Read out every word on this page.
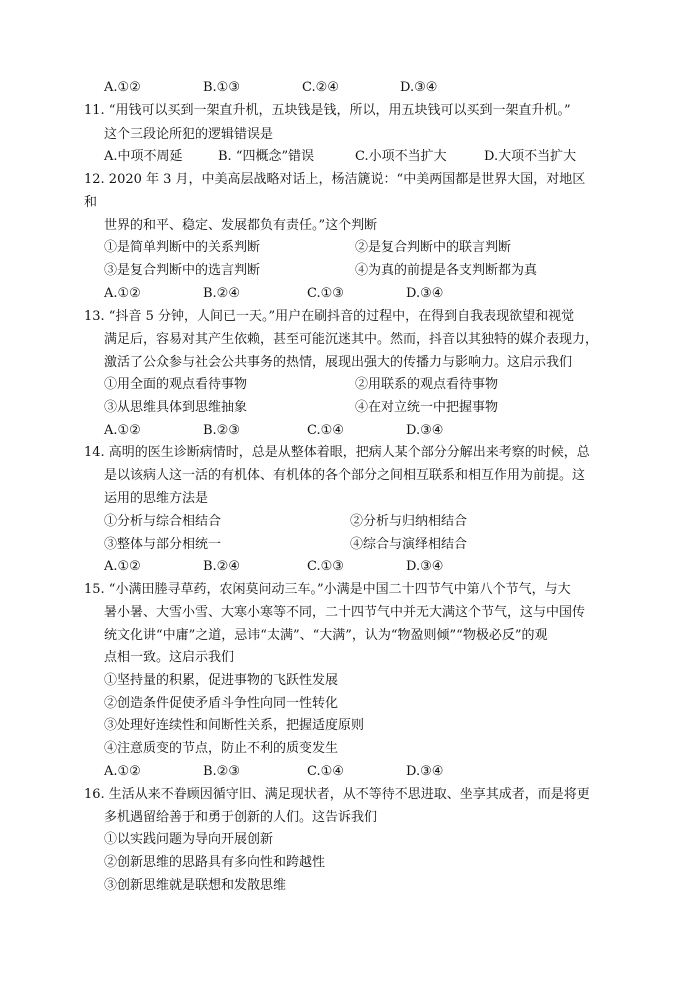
A.①②	B.①③	C.②④	D.③④
11. “用钱可以买到一架直升机，五块钱是钱，所以，用五块钱可以买到一架直升机。”
这个三段论所犯的逻辑错误是
A.中项不周延	B. “四概念”错误	C.小项不当扩大	D.大项不当扩大
12. 2020 年 3 月，中美高层战略对话上，杨洁篪说：“中美两国都是世界大国，对地区
和
世界的和平、稳定、发展都负有责任。”这个判断
①是简单判断中的关系判断	②是复合判断中的联言判断
③是复合判断中的选言判断	④为真的前提是各支判断都为真
A.①②	B.②④	C.①③	D.③④
13. “抖音 5 分钟，人间已一天。”用户在刷抖音的过程中，在得到自我表现欲望和视觉
满足后，容易对其产生依赖，甚至可能沉迷其中。然而，抖音以其独特的媒介表现力，
激活了公众参与社会公共事务的热情，展现出强大的传播力与影响力。这启示我们
①用全面的观点看待事物	②用联系的观点看待事物
③从思维具体到思维抽象	④在对立统一中把握事物
A.①②	B.②③	C.①④	D.③④
14. 高明的医生诊断病情时，总是从整体着眼，把病人某个部分分解出来考察的时候，总
是以该病人这一活的有机体、有机体的各个部分之间相互联系和相互作用为前提。这
运用的思维方法是
①分析与综合相结合	②分析与归纳相结合
③整体与部分相统一	④综合与演绎相结合
A.①②	B.②④	C.①③	D.③④
15. “小满田塍寻草药，农闲莫问动三车。”小满是中国二十四节气中第八个节气，与大
暑小暑、大雪小雪、大寒小寒等不同，二十四节气中并无大满这个节气，这与中国传
统文化讲“中庸”之道，忌讳“太满”、“大满”，认为“物盈则倾”“物极必反”的观
点相一致。这启示我们
①坚持量的积累，促进事物的飞跃性发展
②创造条件促使矛盾斗争性向同一性转化
③处理好连续性和间断性关系，把握适度原则
④注意质变的节点，防止不利的质变发生
A.①②	B.②③	C.①④	D.③④
16. 生活从来不眷顾因循守旧、满足现状者，从不等待不思进取、坐享其成者，而是将更
多机遇留给善于和勇于创新的人们。这告诉我们
①以实践问题为导向开展创新
②创新思维的思路具有多向性和跨越性
③创新思维就是联想和发散思维
